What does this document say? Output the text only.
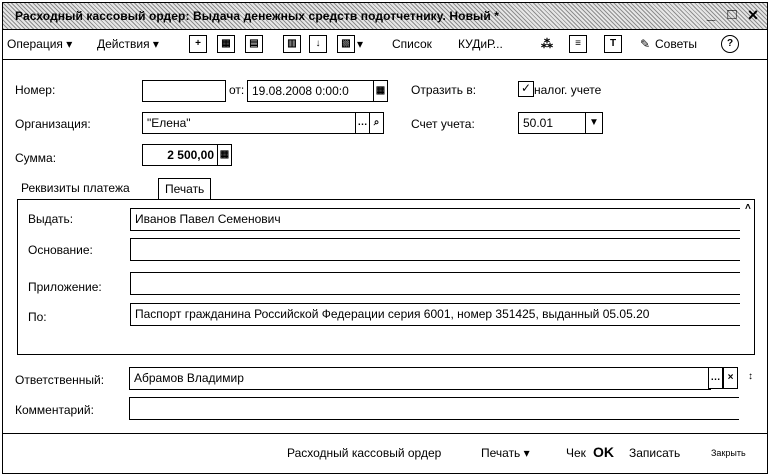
Расходный кассовый ордер: Выдача денежных средств подотчетнику. Новый *	_ □ ×
Операция ▾ Действия ▾	+	▦	▤	▥	↓	▧ ▾ Список КУДиР...	⁂	≡	T	✎ Советы	?
Номер:	от: 19.08.2008 0:00:0	▦ Отразить в:	✓ налог. учете
Организация:	"Елена"	… ⌕	Счет учета:	50.01	▼
Сумма:	2 500,00 ▦
Реквизиты платежа	Печать
Выдать:	Иванов Павел Семенович
Основание:
Приложение:
По:	Паспорт гражданина Российской Федерации серия 6001, номер 351425, выданный 05.05.20
˄
Ответственный:	Абрамов Владимир	… ×	↕
Комментарий:
Расходный кассовый ордер	Печать ▾	Чек OK Записать	Закрыть
